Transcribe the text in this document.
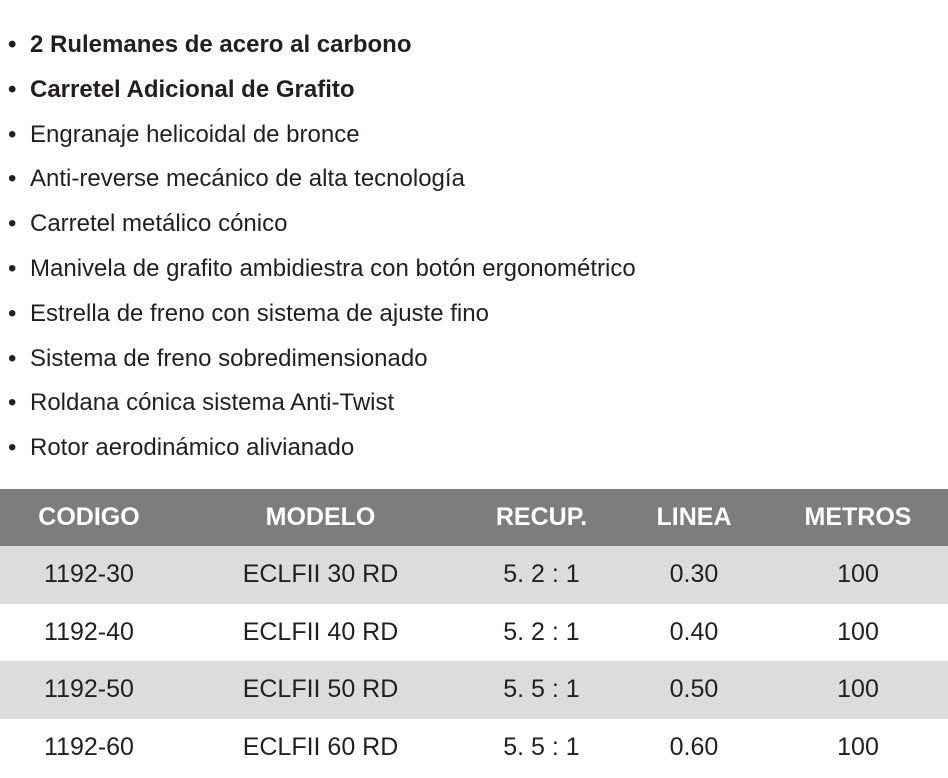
• 2 Rulemanes de acero al carbono
• Carretel Adicional de Grafito
• Engranaje helicoidal de bronce
• Anti-reverse mecánico de alta tecnología
• Carretel metálico cónico
• Manivela de grafito ambidiestra con botón ergonométrico
• Estrella de freno con sistema de ajuste fino
• Sistema de freno sobredimensionado
• Roldana cónica sistema Anti-Twist
• Rotor aerodinámico alivianado
CODIGO	MODELO	RECUP.	LINEA	METROS
1192-30	ECLFII 30 RD	5. 2 : 1	0.30	100
1192-40	ECLFII 40 RD	5. 2 : 1	0.40	100
1192-50	ECLFII 50 RD	5. 5 : 1	0.50	100
1192-60	ECLFII 60 RD	5. 5 : 1	0.60	100
